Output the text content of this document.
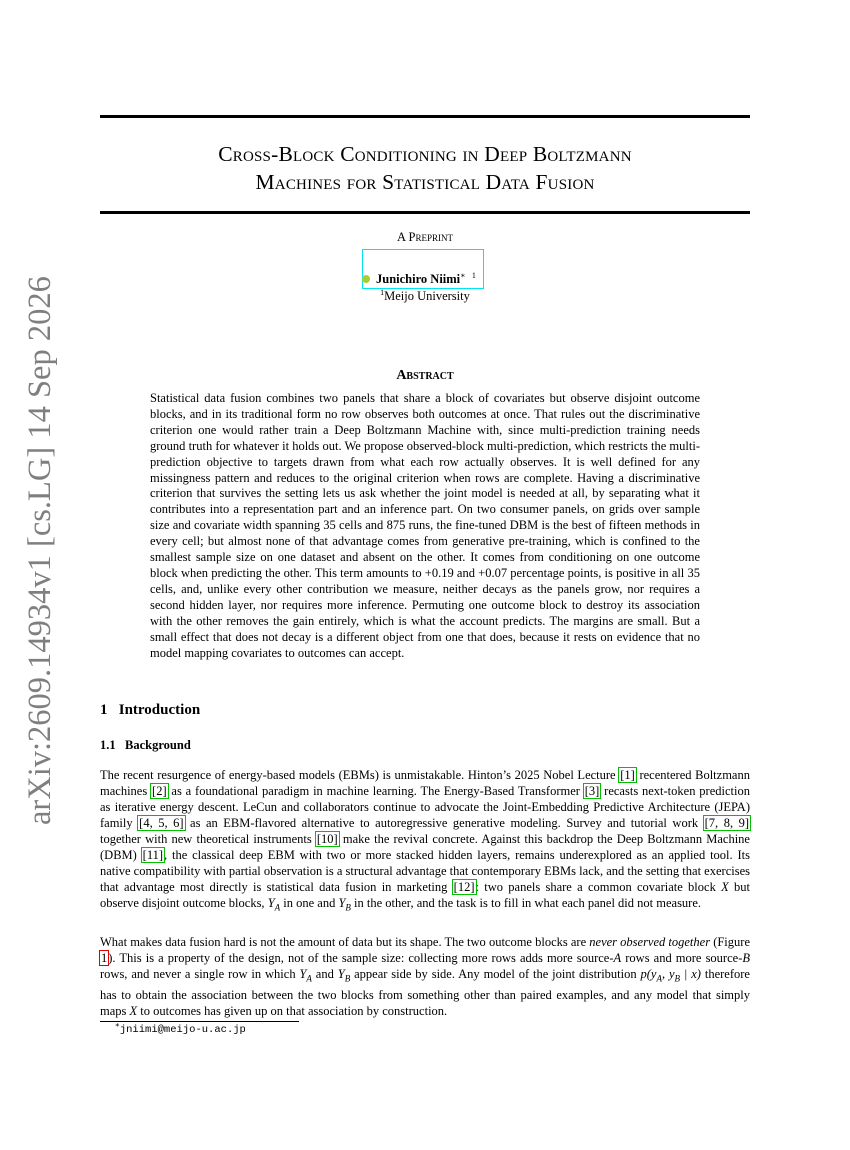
Cross-Block Conditioning in Deep Boltzmann
Machines for Statistical Data Fusion
A Preprint
Junichiro Niimi∗ $^1$
$^1$Meijo University
arXiv:2609.14934v1 [cs.LG] 14 Sep 2026	Abstract
Statistical data fusion combines two panels that share a block of covariates but observe disjoint outcome blocks, and in its traditional form no row observes both outcomes at once. That rules out the discriminative criterion one would rather train a Deep Boltzmann Machine with, since multi-prediction training needs ground truth for whatever it holds out. We propose observed-block multi-prediction, which restricts the multi-prediction objective to targets drawn from what each row actually observes. It is well defined for any missingness pattern and reduces to the original criterion when rows are complete. Having a discriminative criterion that survives the setting lets us ask whether the joint model is needed at all, by separating what it contributes into a representation part and an inference part. On two consumer panels, on grids over sample size and covariate width spanning 35 cells and 875 runs, the fine-tuned DBM is the best of fifteen methods in every cell; but almost none of that advantage comes from generative pre-training, which is confined to the smallest sample size on one dataset and absent on the other. It comes from conditioning on one outcome block when predicting the other. This term amounts to +0.19 and +0.07 percentage points, is positive in all 35 cells, and, unlike every other contribution we measure, neither decays as the panels grow, nor requires a second hidden layer, nor requires more inference. Permuting one outcome block to destroy its association with the other removes the gain entirely, which is what the account predicts. The margins are small. But a small effect that does not decay is a different object from one that does, because it rests on evidence that no model mapping covariates to outcomes can accept.
1   Introduction
1.1   Background
The recent resurgence of energy-based models (EBMs) is unmistakable. Hinton’s 2025 Nobel Lecture [1] recentered Boltzmann machines [2] as a foundational paradigm in machine learning. The Energy-Based Transformer [3] recasts next-token prediction as iterative energy descent. LeCun and collaborators continue to advocate the Joint-Embedding Predictive Architecture (JEPA) family [4, 5, 6] as an EBM-flavored alternative to autoregressive generative modeling. Survey and tutorial work [7, 8, 9] together with new theoretical instruments [10] make the revival concrete. Against this backdrop the Deep Boltzmann Machine (DBM) [11], the classical deep EBM with two or more stacked hidden layers, remains underexplored as an applied tool. Its native compatibility with partial observation is a structural advantage that contemporary EBMs lack, and the setting that exercises that advantage most directly is statistical data fusion in marketing [12]: two panels share a common covariate block X but observe disjoint outcome blocks, $Y_A$ in one and $Y_B$ in the other, and the task is to fill in what each panel did not measure.
What makes data fusion hard is not the amount of data but its shape. The two outcome blocks are never observed together (Figure 1). This is a property of the design, not of the sample size: collecting more rows adds more source-A rows and more source-B rows, and never a single row in which $Y_A$ and $Y_B$ appear side by side. Any model of the joint distribution $p(y_A$, $y_B$ | x) therefore has to obtain the association between the two blocks from something other than paired examples, and any model that simply maps X to outcomes has given up on that association by construction.
∗jniimi@meijo-u.ac.jp
